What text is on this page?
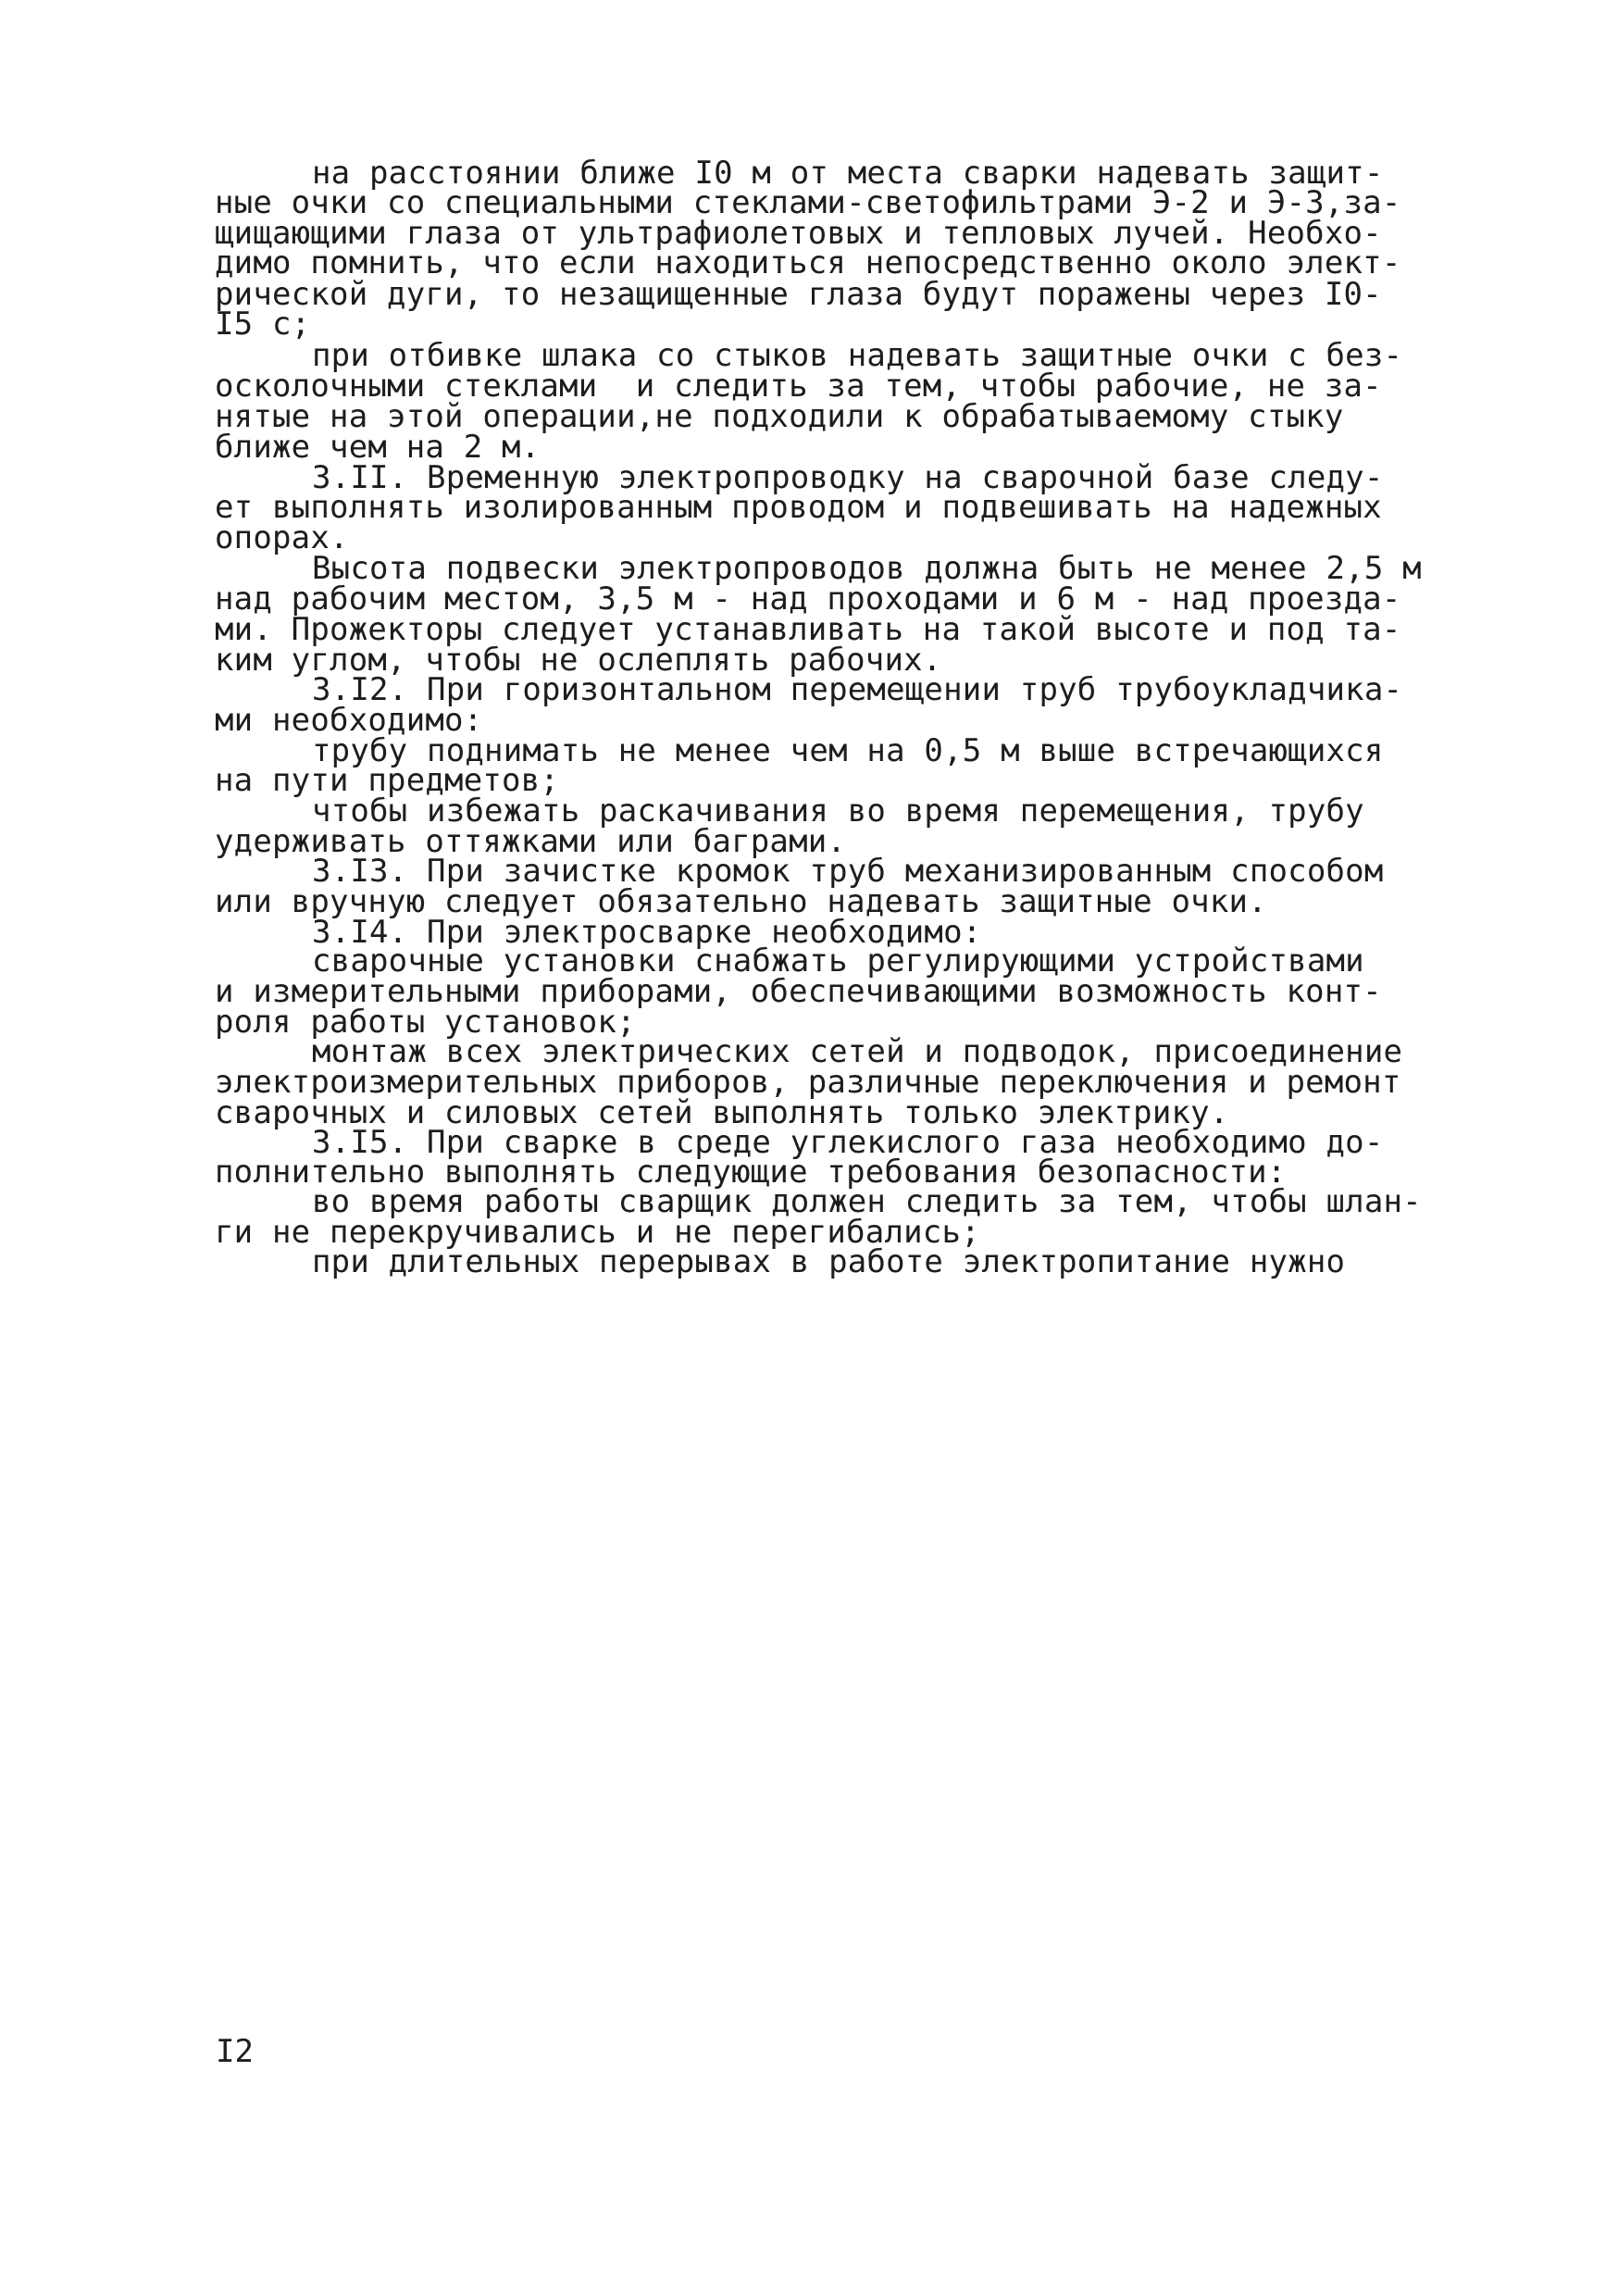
на расстоянии ближе I0 м от места сварки надевать защит-
ные очки со специальными стеклами-светофильтрами Э-2 и Э-3,за-
щищающими глаза от ультрафиолетовых и тепловых лучей. Необхо-
димо помнить, что если находиться непосредственно около элект-
рической дуги, то незащищенные глаза будут поражены через I0-
I5 с;
при отбивке шлака со стыков надевать защитные очки с без-
осколочными стеклами  и следить за тем, чтобы рабочие, не за-
нятые на этой операции,не подходили к обрабатываемому стыку
ближе чем на 2 м.
3.II. Временную электропроводку на сварочной базе следу-
ет выполнять изолированным проводом и подвешивать на надежных
опорах.
Высота подвески электропроводов должна быть не менее 2,5 м
над рабочим местом, 3,5 м - над проходами и 6 м - над проезда-
ми. Прожекторы следует устанавливать на такой высоте и под та-
ким углом, чтобы не ослеплять рабочих.
3.I2. При горизонтальном перемещении труб трубоукладчика-
ми необходимо:
трубу поднимать не менее чем на 0,5 м выше встречающихся
на пути предметов;
чтобы избежать раскачивания во время перемещения, трубу
удерживать оттяжками или баграми.
3.I3. При зачистке кромок труб механизированным способом
или вручную следует обязательно надевать защитные очки.
3.I4. При электросварке необходимо:
сварочные установки снабжать регулирующими устройствами
и измерительными приборами, обеспечивающими возможность конт-
роля работы установок;
монтаж всех электрических сетей и подводок, присоединение
электроизмерительных приборов, различные переключения и ремонт
сварочных и силовых сетей выполнять только электрику.
3.I5. При сварке в среде углекислого газа необходимо до-
полнительно выполнять следующие требования безопасности:
во время работы сварщик должен следить за тем, чтобы шлан-
ги не перекручивались и не перегибались;
при длительных перерывах в работе электропитание нужно
I2
